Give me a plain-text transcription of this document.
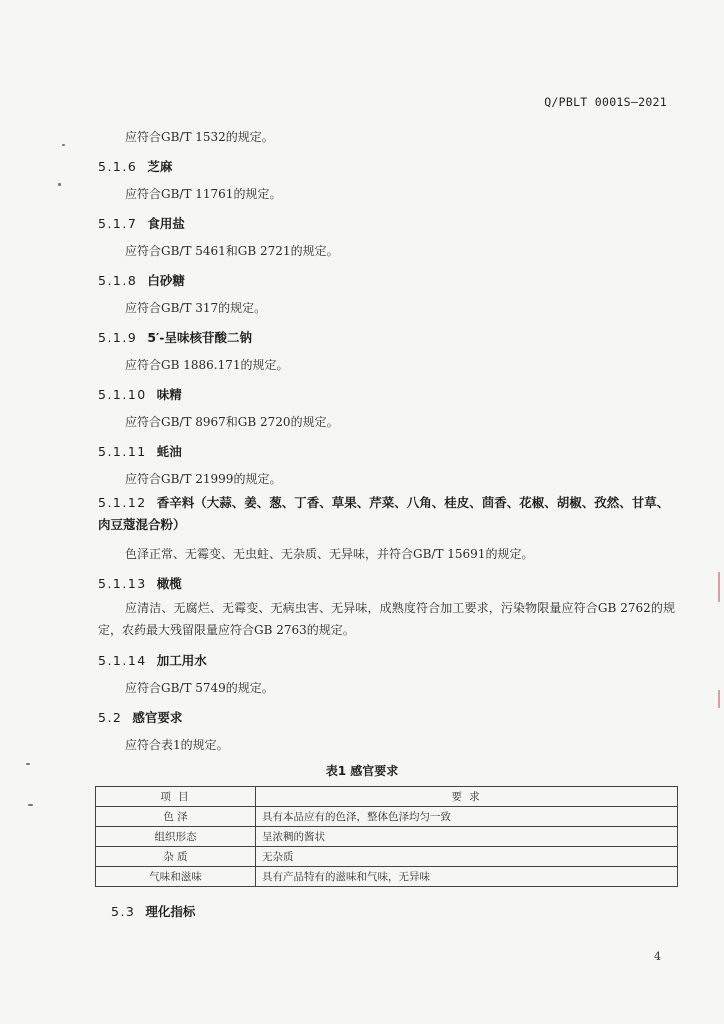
Q/PBLT 0001S—2021
应符合GB/T 1532的规定。
5.1.6 芝麻
应符合GB/T 11761的规定。
5.1.7 食用盐
应符合GB/T 5461和GB 2721的规定。
5.1.8 白砂糖
应符合GB/T 317的规定。
5.1.9 5′-呈味核苷酸二钠
应符合GB 1886.171的规定。
5.1.10 味精
应符合GB/T 8967和GB 2720的规定。
5.1.11 蚝油
应符合GB/T 21999的规定。
5.1.12 香辛料（大蒜、姜、葱、丁香、草果、芹菜、八角、桂皮、茴香、花椒、胡椒、孜然、甘草、肉豆蔻混合粉）
色泽正常、无霉变、无虫蛀、无杂质、无异味，并符合GB/T 15691的规定。
5.1.13 橄榄
应清洁、无腐烂、无霉变、无病虫害、无异味，成熟度符合加工要求，污染物限量应符合GB 2762的规定，农药最大残留限量应符合GB 2763的规定。
5.1.14 加工用水
应符合GB/T 5749的规定。
5.2 感官要求
应符合表1的规定。
表1 感官要求
项 目	要 求
色 泽	具有本品应有的色泽，整体色泽均匀一致
组织形态	呈浓稠的酱状
杂 质	无杂质
气味和滋味	具有产品特有的滋味和气味，无异味
5.3 理化指标
4
